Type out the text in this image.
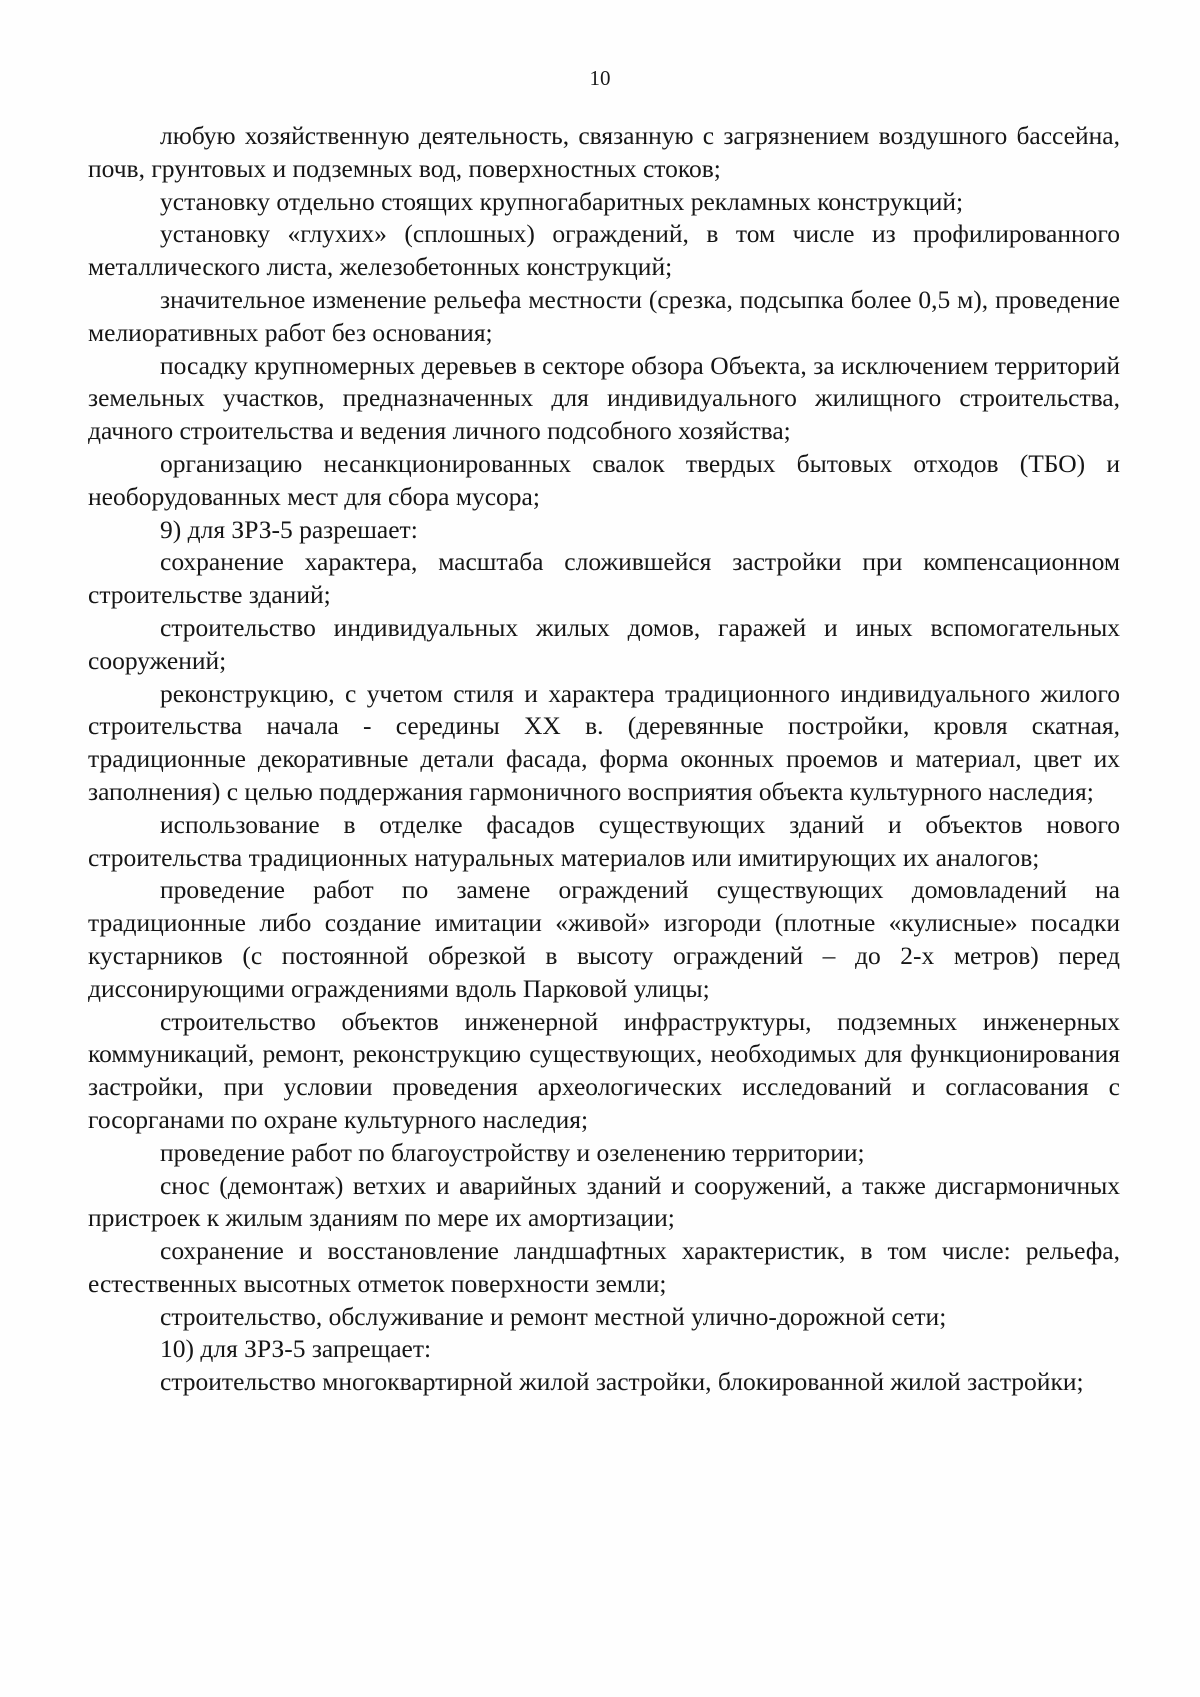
10

любую хозяйственную деятельность, связанную с загрязнением воздушного бассейна, почв, грунтовых и подземных вод, поверхностных стоков;

установку отдельно стоящих крупногабаритных рекламных конструкций;

установку «глухих» (сплошных) ограждений, в том числе из профилированного металлического листа, железобетонных конструкций;

значительное изменение рельефа местности (срезка, подсыпка более 0,5 м), проведение мелиоративных работ без основания;

посадку крупномерных деревьев в секторе обзора Объекта, за исключением территорий земельных участков, предназначенных для индивидуального жилищного строительства, дачного строительства и ведения личного подсобного хозяйства;

организацию несанкционированных свалок твердых бытовых отходов (ТБО) и необорудованных мест для сбора мусора;

9) для ЗРЗ-5 разрешает:

сохранение характера, масштаба сложившейся застройки при компенсационном строительстве зданий;

строительство индивидуальных жилых домов, гаражей и иных вспомогательных сооружений;

реконструкцию, с учетом стиля и характера традиционного индивидуального жилого строительства начала - середины XX в. (деревянные постройки, кровля скатная, традиционные декоративные детали фасада, форма оконных проемов и материал, цвет их заполнения) с целью поддержания гармоничного восприятия объекта культурного наследия;

использование в отделке фасадов существующих зданий и объектов нового строительства традиционных натуральных материалов или имитирующих их аналогов;

проведение работ по замене ограждений существующих домовладений на традиционные либо создание имитации «живой» изгороди (плотные «кулисные» посадки кустарников (с постоянной обрезкой в высоту ограждений – до 2-х метров) перед диссонирующими ограждениями вдоль Парковой улицы;

строительство объектов инженерной инфраструктуры, подземных инженерных коммуникаций, ремонт, реконструкцию существующих, необходимых для функционирования застройки, при условии проведения археологических исследований и согласования с госорганами по охране культурного наследия;

проведение работ по благоустройству и озеленению территории;

снос (демонтаж) ветхих и аварийных зданий и сооружений, а также дисгармоничных пристроек к жилым зданиям по мере их амортизации;

сохранение и восстановление ландшафтных характеристик, в том числе: рельефа, естественных высотных отметок поверхности земли;

строительство, обслуживание и ремонт местной улично-дорожной сети;

10) для ЗРЗ-5 запрещает:

строительство многоквартирной жилой застройки, блокированной жилой застройки;
